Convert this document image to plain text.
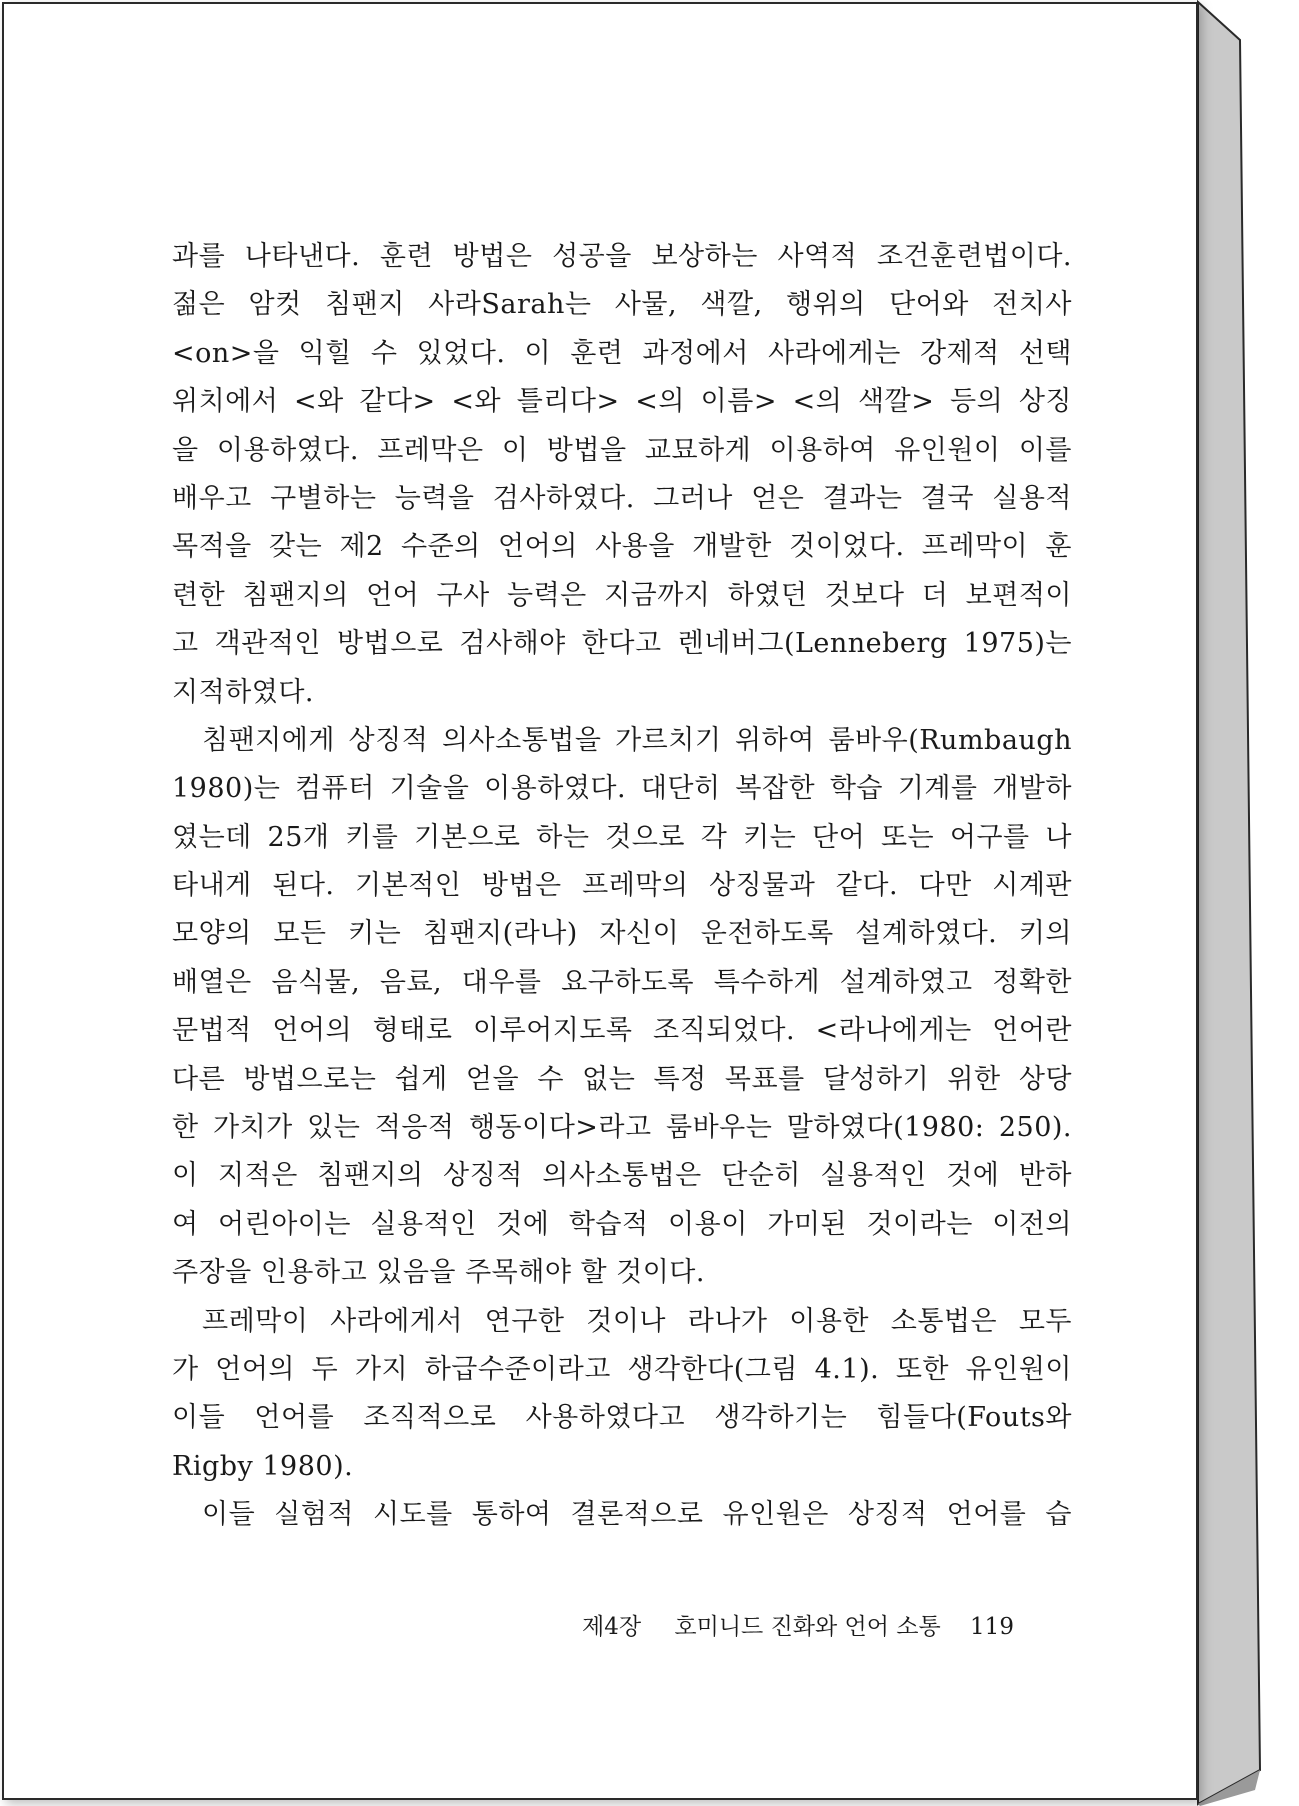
과를 나타낸다. 훈련 방법은 성공을 보상하는 사역적 조건훈련법이다.
젊은 암컷 침팬지 사라Sarah는 사물, 색깔, 행위의 단어와 전치사
<on>을 익힐 수 있었다. 이 훈련 과정에서 사라에게는 강제적 선택
위치에서 <와 같다> <와 틀리다> <의 이름> <의 색깔> 등의 상징
을 이용하였다. 프레막은 이 방법을 교묘하게 이용하여 유인원이 이를
배우고 구별하는 능력을 검사하였다. 그러나 얻은 결과는 결국 실용적
목적을 갖는 제2 수준의 언어의 사용을 개발한 것이었다. 프레막이 훈
련한 침팬지의 언어 구사 능력은 지금까지 하였던 것보다 더 보편적이
고 객관적인 방법으로 검사해야 한다고 렌네버그(Lenneberg 1975)는
지적하였다.
침팬지에게 상징적 의사소통법을 가르치기 위하여 룸바우(Rumbaugh
1980)는 컴퓨터 기술을 이용하였다. 대단히 복잡한 학습 기계를 개발하
였는데 25개 키를 기본으로 하는 것으로 각 키는 단어 또는 어구를 나
타내게 된다. 기본적인 방법은 프레막의 상징물과 같다. 다만 시계판
모양의 모든 키는 침팬지(라나) 자신이 운전하도록 설계하였다. 키의
배열은 음식물, 음료, 대우를 요구하도록 특수하게 설계하였고 정확한
문법적 언어의 형태로 이루어지도록 조직되었다. <라나에게는 언어란
다른 방법으로는 쉽게 얻을 수 없는 특정 목표를 달성하기 위한 상당
한 가치가 있는 적응적 행동이다>라고 룸바우는 말하였다(1980: 250).
이 지적은 침팬지의 상징적 의사소통법은 단순히 실용적인 것에 반하
여 어린아이는 실용적인 것에 학습적 이용이 가미된 것이라는 이전의
주장을 인용하고 있음을 주목해야 할 것이다.
프레막이 사라에게서 연구한 것이나 라나가 이용한 소통법은 모두
가 언어의 두 가지 하급수준이라고 생각한다(그림 4.1). 또한 유인원이
이들 언어를 조직적으로 사용하였다고 생각하기는 힘들다(Fouts와
Rigby 1980).
이들 실험적 시도를 통하여 결론적으로 유인원은 상징적 언어를 습
제4장 호미니드 진화와 언어 소통 119
